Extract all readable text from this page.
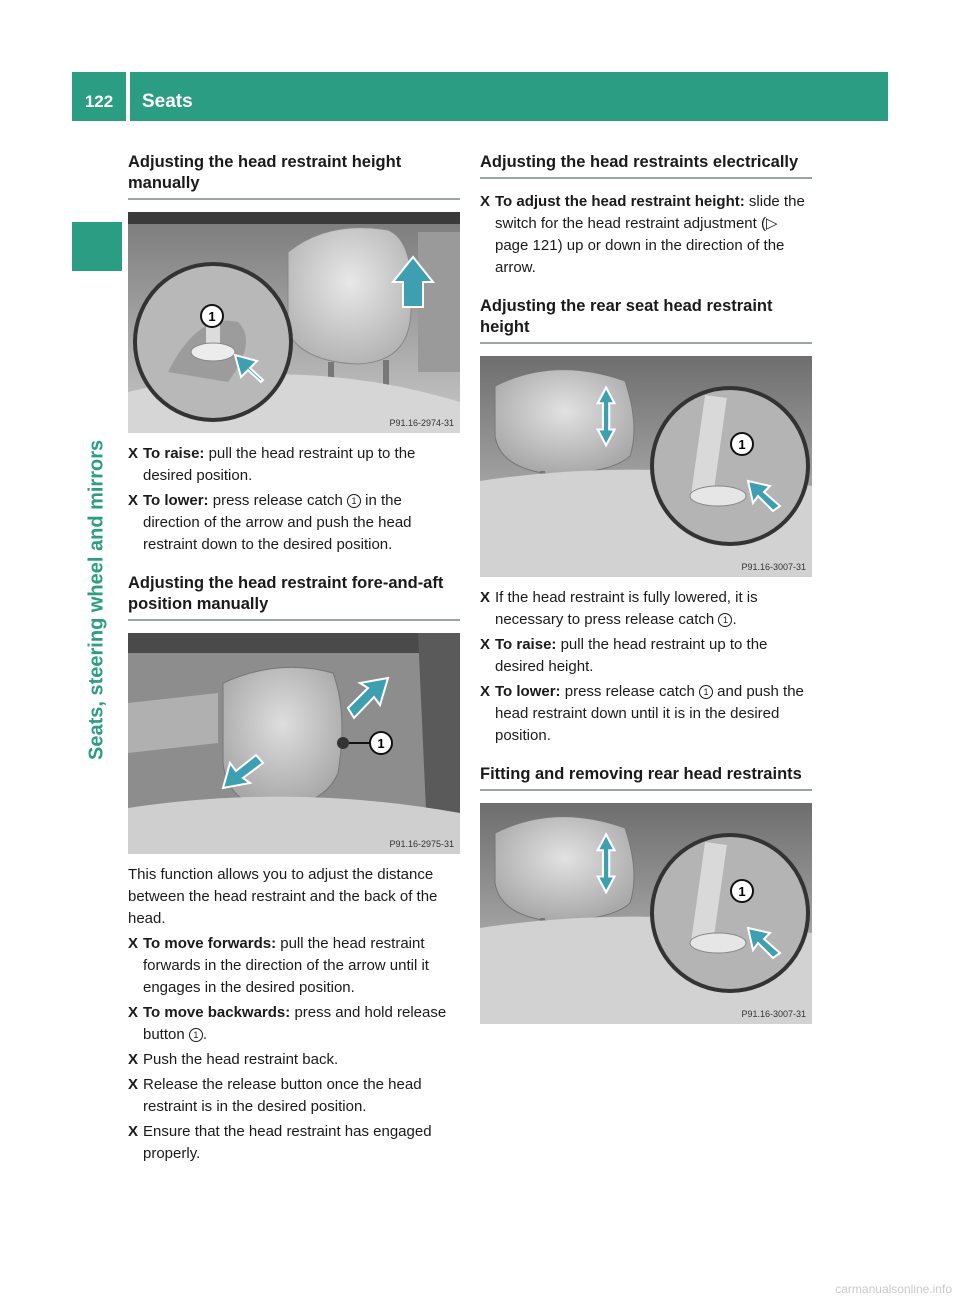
122	Seats
Seats, steering wheel and mirrors
Adjusting the head restraint height manually
1
P91.16-2974-31
X To raise: pull the head restraint up to the desired position.
X To lower: press release catch 1 in the direction of the arrow and push the head restraint down to the desired position.
Adjusting the head restraint fore-and-aft position manually
1
P91.16-2975-31

This function allows you to adjust the distance between the head restraint and the back of the head.

X To move forwards: pull the head restraint forwards in the direction of the arrow until it engages in the desired position.
X To move backwards: press and hold release button 1 .
X Push the head restraint back.
X Release the release button once the head restraint is in the desired position.
X Ensure that the head restraint has engaged properly.
Adjusting the head restraints electrically
X To adjust the head restraint height: slide the switch for the head restraint adjustment (▷ page 121) up or down in the direction of the arrow.
Adjusting the rear seat head restraint height
1
P91.16-3007-31
X If the head restraint is fully lowered, it is necessary to press release catch 1 .
X To raise: pull the head restraint up to the desired height.
X To lower: press release catch 1 and push the head restraint down until it is in the desired position.
Fitting and removing rear head restraints
1
P91.16-3007-31
carmanualsonline.info
